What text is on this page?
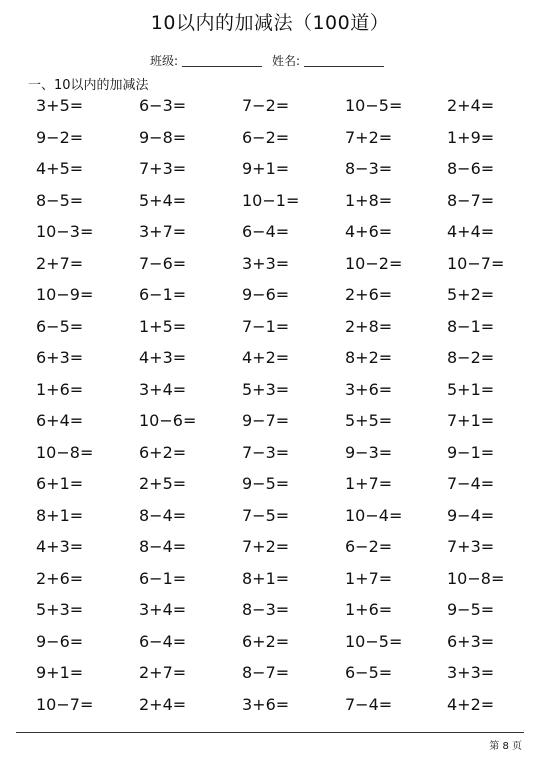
10以内的加减法（100道）
班级:	姓名:
一、10以内的加减法
3+5=	6−3=	7−2=	10−5=	2+4=
9−2=	9−8=	6−2=	7+2=	1+9=
4+5=	7+3=	9+1=	8−3=	8−6=
8−5=	5+4=	10−1=	1+8=	8−7=
10−3=	3+7=	6−4=	4+6=	4+4=
2+7=	7−6=	3+3=	10−2=	10−7=
10−9=	6−1=	9−6=	2+6=	5+2=
6−5=	1+5=	7−1=	2+8=	8−1=
6+3=	4+3=	4+2=	8+2=	8−2=
1+6=	3+4=	5+3=	3+6=	5+1=
6+4=	10−6=	9−7=	5+5=	7+1=
10−8=	6+2=	7−3=	9−3=	9−1=
6+1=	2+5=	9−5=	1+7=	7−4=
8+1=	8−4=	7−5=	10−4=	9−4=
4+3=	8−4=	7+2=	6−2=	7+3=
2+6=	6−1=	8+1=	1+7=	10−8=
5+3=	3+4=	8−3=	1+6=	9−5=
9−6=	6−4=	6+2=	10−5=	6+3=
9+1=	2+7=	8−7=	6−5=	3+3=
10−7=	2+4=	3+6=	7−4=	4+2=
第 8 页
